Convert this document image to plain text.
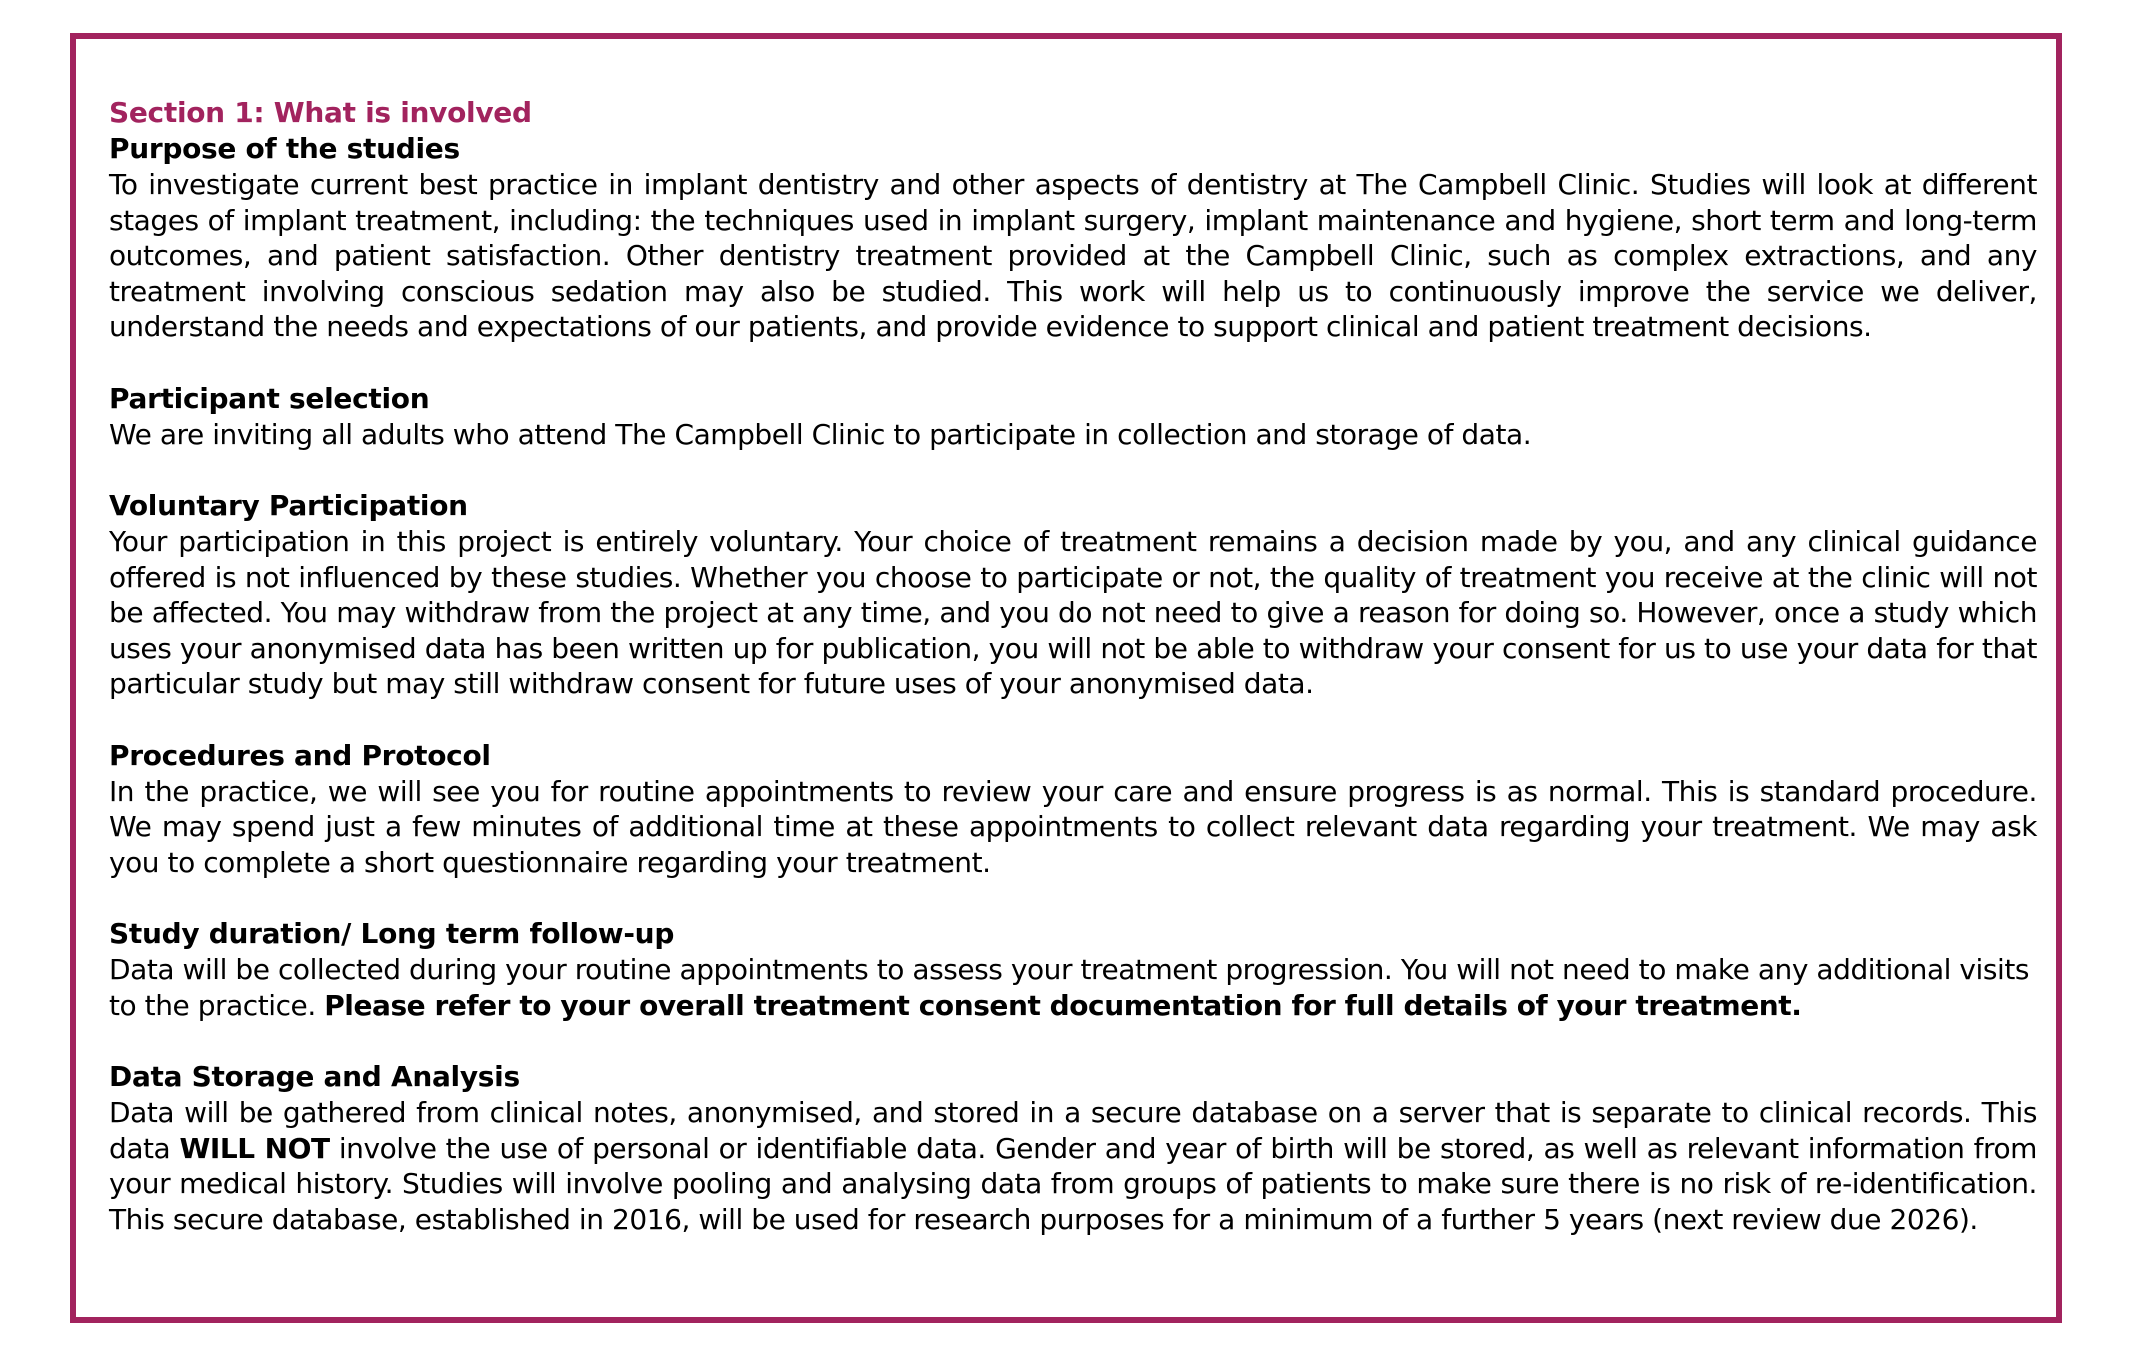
Section 1: What is involved
Purpose of the studies
To investigate current best practice in implant dentistry and other aspects of dentistry at The Campbell Clinic. Studies will look at different stages of implant treatment, including: the techniques used in implant surgery, implant maintenance and hygiene, short term and long-term outcomes, and patient satisfaction. Other dentistry treatment provided at the Campbell Clinic, such as complex extractions, and any treatment involving conscious sedation may also be studied. This work will help us to continuously improve the service we deliver, understand the needs and expectations of our patients, and provide evidence to support clinical and patient treatment decisions.
Participant selection
We are inviting all adults who attend The Campbell Clinic to participate in collection and storage of data.
Voluntary Participation
Your participation in this project is entirely voluntary. Your choice of treatment remains a decision made by you, and any clinical guidance offered is not influenced by these studies. Whether you choose to participate or not, the quality of treatment you receive at the clinic will not be affected. You may withdraw from the project at any time, and you do not need to give a reason for doing so. However, once a study which uses your anonymised data has been written up for publication, you will not be able to withdraw your consent for us to use your data for that particular study but may still withdraw consent for future uses of your anonymised data.
Procedures and Protocol
In the practice, we will see you for routine appointments to review your care and ensure progress is as normal. This is standard procedure. We may spend just a few minutes of additional time at these appointments to collect relevant data regarding your treatment. We may ask you to complete a short questionnaire regarding your treatment.
Study duration/ Long term follow-up
Data will be collected during your routine appointments to assess your treatment progression. You will not need to make any additional visits to the practice. Please refer to your overall treatment consent documentation for full details of your treatment.
Data Storage and Analysis
Data will be gathered from clinical notes, anonymised, and stored in a secure database on a server that is separate to clinical records. This data WILL NOT involve the use of personal or identifiable data. Gender and year of birth will be stored, as well as relevant information from your medical history. Studies will involve pooling and analysing data from groups of patients to make sure there is no risk of re-identification. This secure database, established in 2016, will be used for research purposes for a minimum of a further 5 years (next review due 2026).
